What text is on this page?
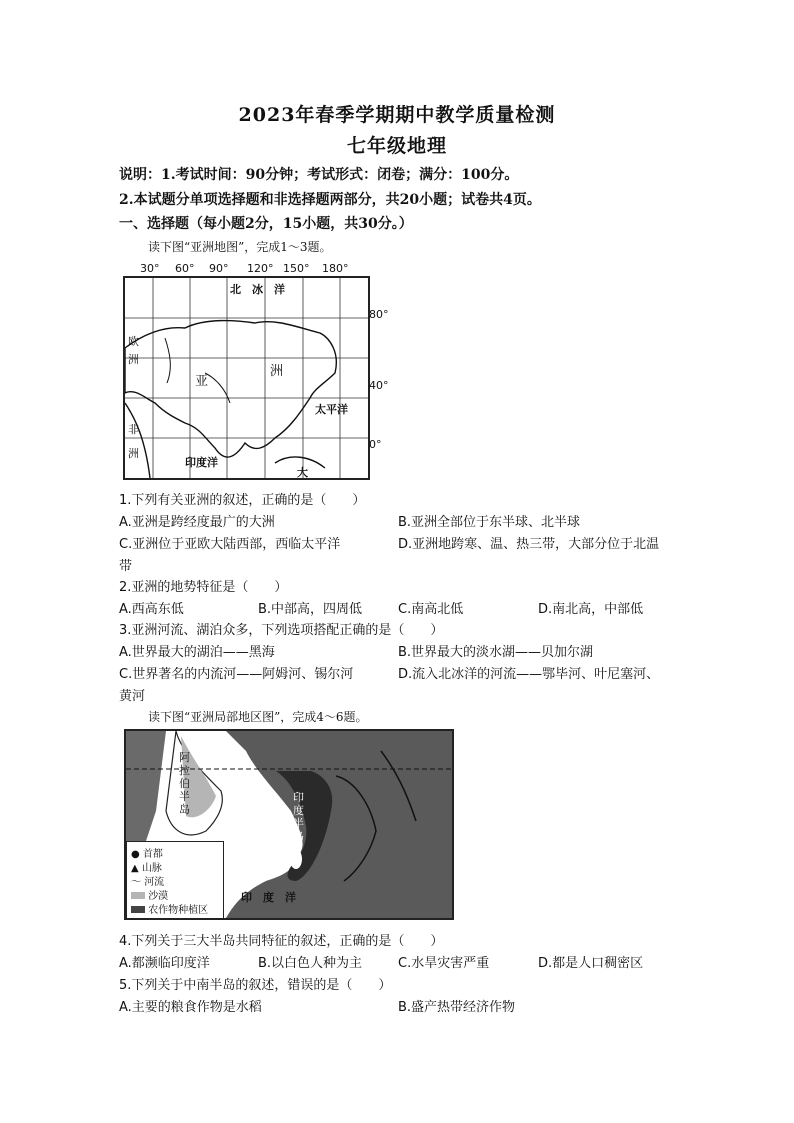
2023年春季学期期中教学质量检测
七年级地理
说明：1.考试时间：90分钟；考试形式：闭卷；满分：100分。
2.本试题分单项选择题和非选择题两部分，共20小题；试卷共4页。
一、选择题（每小题2分，15小题，共30分。）
读下图“亚洲地图”，完成1～3题。
30° 60° 90° 120° 150° 180°
北　冰　洋
欧
洲
亚
洲
非
洲
太平洋
印度洋
大
80°
40°
0°
1.下列有关亚洲的叙述，正确的是（　　）
A.亚洲是跨经度最广的大洲	B.亚洲全部位于东半球、北半球
C.亚洲位于亚欧大陆西部，西临太平洋	D.亚洲地跨寒、温、热三带，大部分位于北温
带
2.亚洲的地势特征是（　　）
A.西高东低	B.中部高，四周低	C.南高北低	D.南北高，中部低
3.亚洲河流、湖泊众多，下列选项搭配正确的是（　　）
A.世界最大的湖泊——黑海	B.世界最大的淡水湖——贝加尔湖
C.世界著名的内流河——阿姆河、锡尔河	D.流入北冰洋的河流——鄂毕河、叶尼塞河、
黄河
读下图“亚洲局部地区图”，完成4～6题。
阿拉伯半岛
印度半岛
印　度　洋
● 首都
▲ 山脉
～ 河流
沙漠
农作物种植区
4.下列关于三大半岛共同特征的叙述，正确的是（　　）
A.都濒临印度洋	B.以白色人种为主	C.水旱灾害严重	D.都是人口稠密区
5.下列关于中南半岛的叙述，错误的是（　　）
A.主要的粮食作物是水稻	B.盛产热带经济作物
